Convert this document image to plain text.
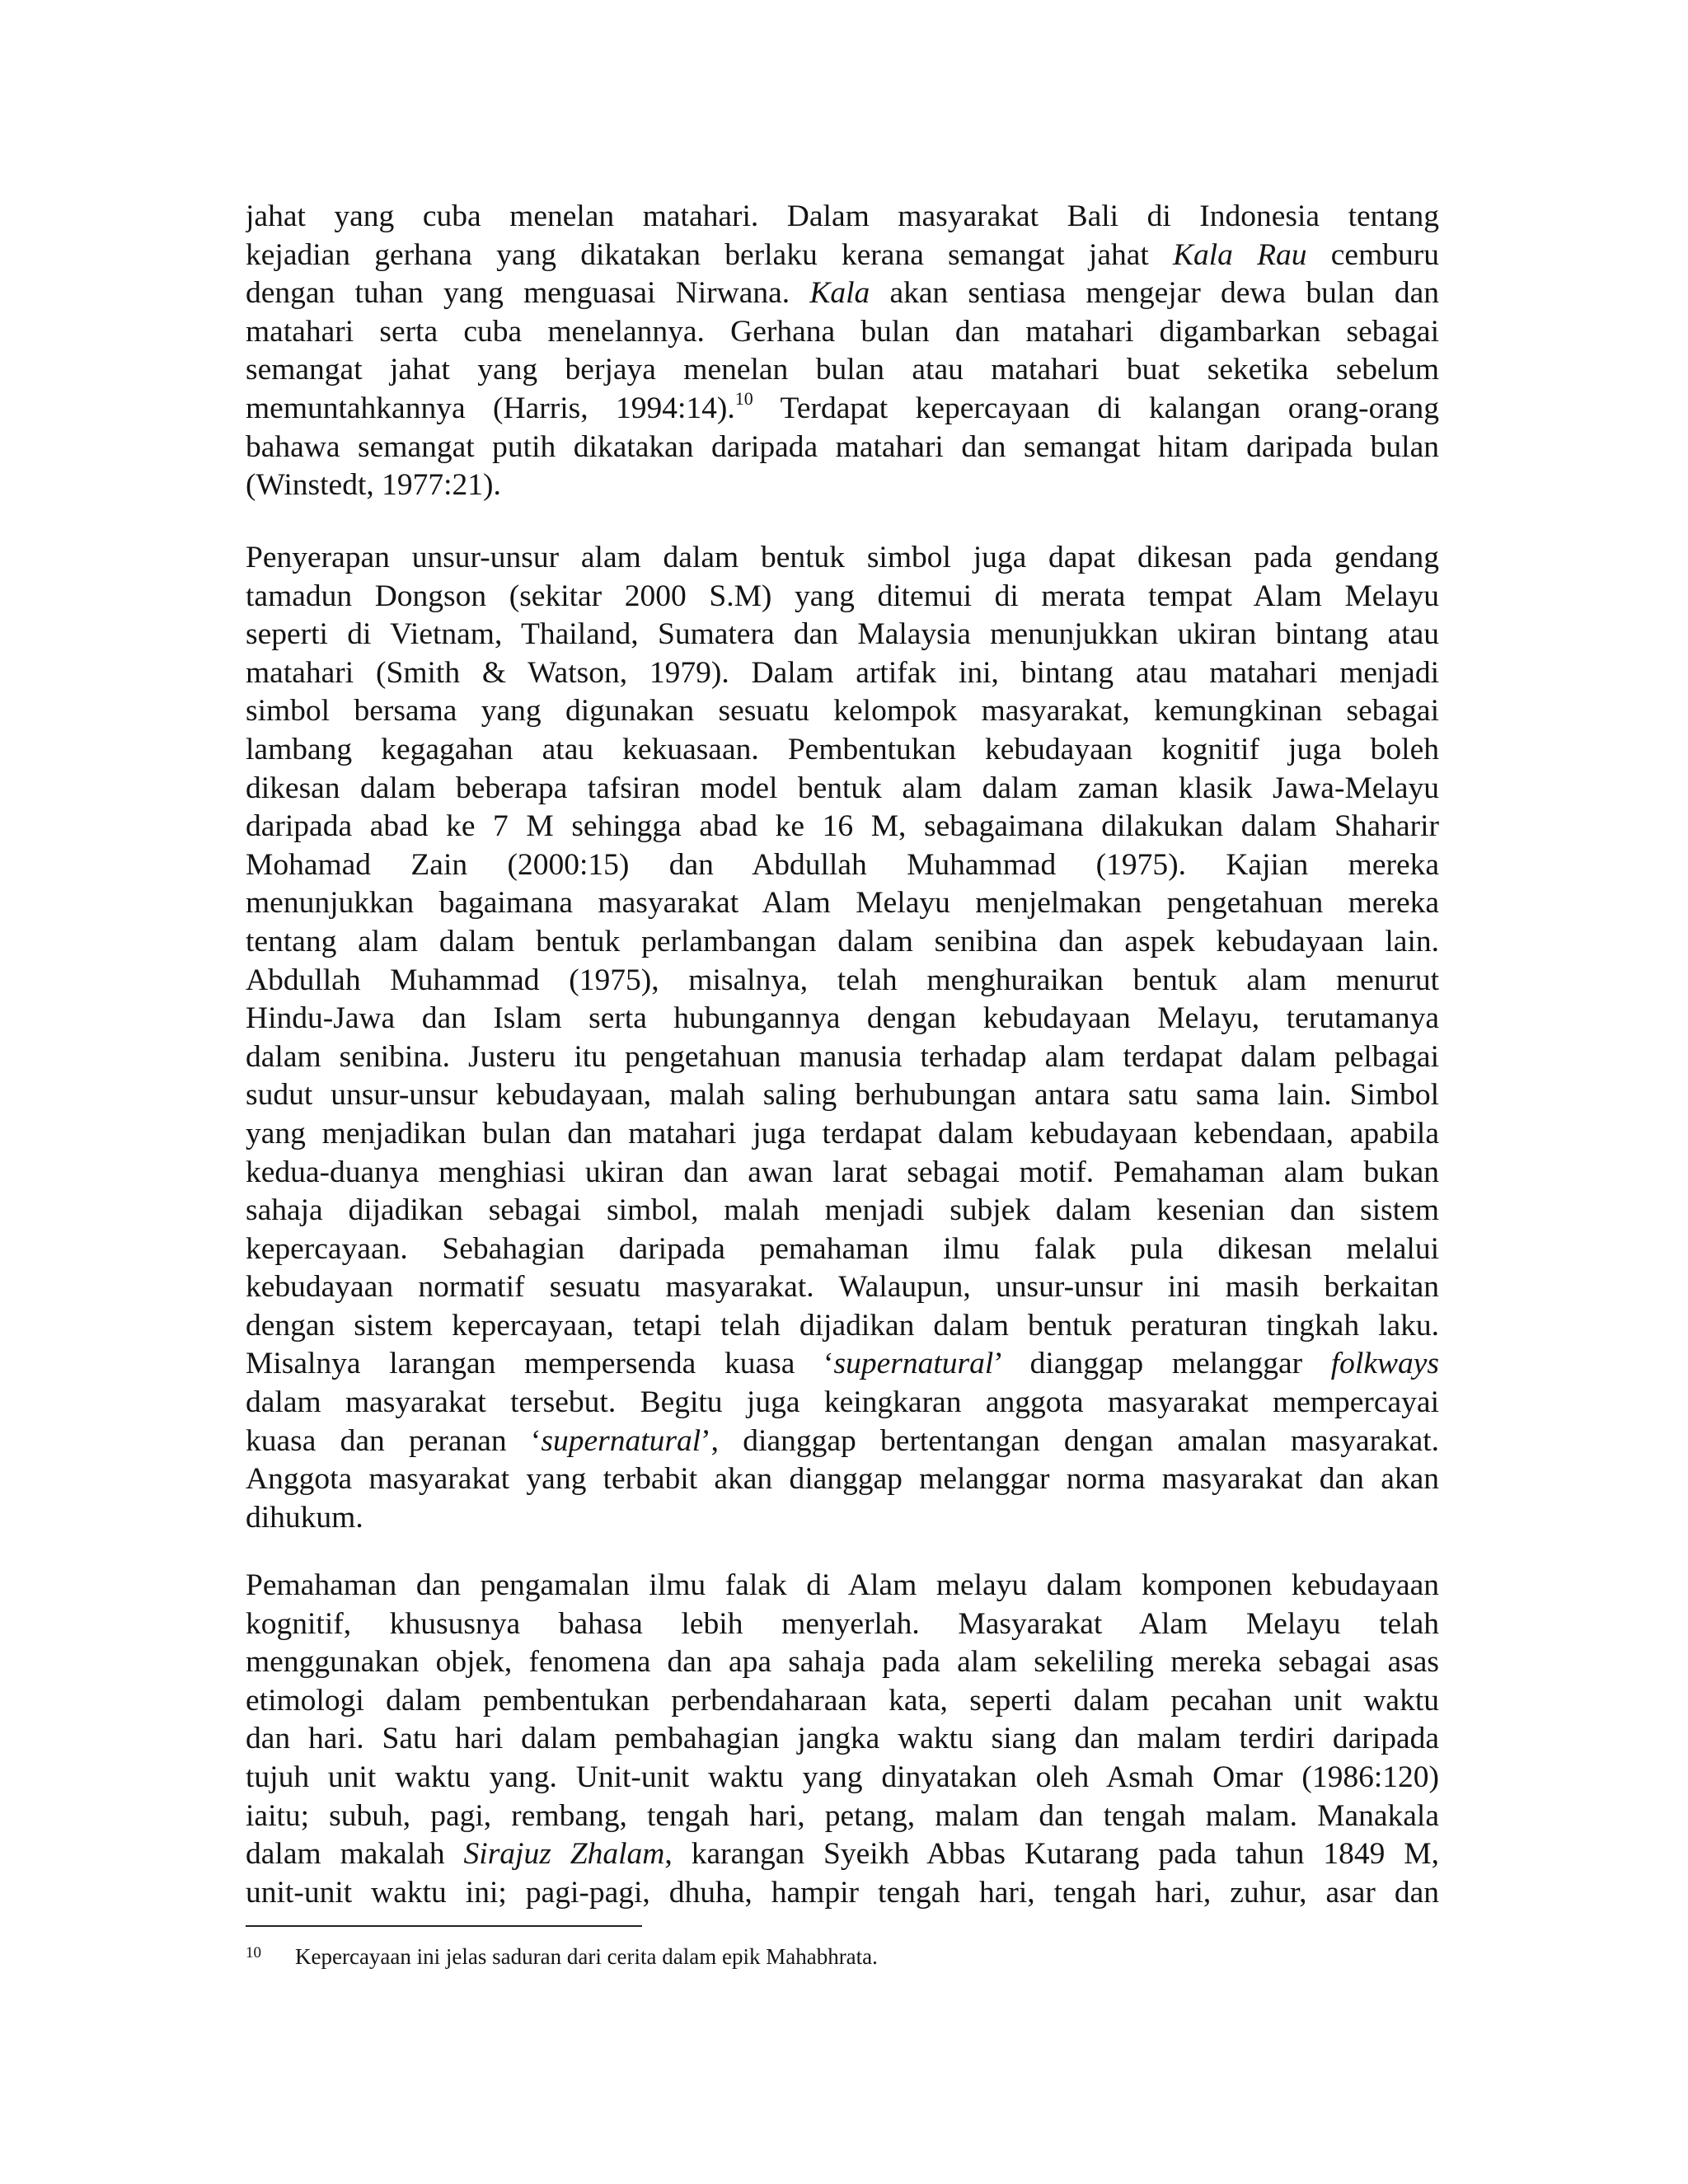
jahat yang cuba menelan matahari. Dalam masyarakat Bali di Indonesia tentang
kejadian gerhana yang dikatakan berlaku kerana semangat jahat Kala Rau cemburu
dengan tuhan yang menguasai Nirwana. Kala akan sentiasa mengejar dewa bulan dan
matahari serta cuba menelannya. Gerhana bulan dan matahari digambarkan sebagai
semangat jahat yang berjaya menelan bulan atau matahari buat seketika sebelum
memuntahkannya (Harris, 1994:14).$^{10}$ Terdapat kepercayaan di kalangan orang-orang
bahawa semangat putih dikatakan daripada matahari dan semangat hitam daripada bulan
(Winstedt, 1977:21).
Penyerapan unsur-unsur alam dalam bentuk simbol juga dapat dikesan pada gendang
tamadun Dongson (sekitar 2000 S.M) yang ditemui di merata tempat Alam Melayu
seperti di Vietnam, Thailand, Sumatera dan Malaysia menunjukkan ukiran bintang atau
matahari (Smith & Watson, 1979). Dalam artifak ini, bintang atau matahari menjadi
simbol bersama yang digunakan sesuatu kelompok masyarakat, kemungkinan sebagai
lambang kegagahan atau kekuasaan. Pembentukan kebudayaan kognitif juga boleh
dikesan dalam beberapa tafsiran model bentuk alam dalam zaman klasik Jawa-Melayu
daripada abad ke 7 M sehingga abad ke 16 M, sebagaimana dilakukan dalam Shaharir
Mohamad Zain (2000:15) dan Abdullah Muhammad (1975). Kajian mereka
menunjukkan bagaimana masyarakat Alam Melayu menjelmakan pengetahuan mereka
tentang alam dalam bentuk perlambangan dalam senibina dan aspek kebudayaan lain.
Abdullah Muhammad (1975), misalnya, telah menghuraikan bentuk alam menurut
Hindu-Jawa dan Islam serta hubungannya dengan kebudayaan Melayu, terutamanya
dalam senibina. Justeru itu pengetahuan manusia terhadap alam terdapat dalam pelbagai
sudut unsur-unsur kebudayaan, malah saling berhubungan antara satu sama lain. Simbol
yang menjadikan bulan dan matahari juga terdapat dalam kebudayaan kebendaan, apabila
kedua-duanya menghiasi ukiran dan awan larat sebagai motif. Pemahaman alam bukan
sahaja dijadikan sebagai simbol, malah menjadi subjek dalam kesenian dan sistem
kepercayaan. Sebahagian daripada pemahaman ilmu falak pula dikesan melalui
kebudayaan normatif sesuatu masyarakat. Walaupun, unsur-unsur ini masih berkaitan
dengan sistem kepercayaan, tetapi telah dijadikan dalam bentuk peraturan tingkah laku.
Misalnya larangan mempersenda kuasa ‘supernatural’ dianggap melanggar folkways
dalam masyarakat tersebut. Begitu juga keingkaran anggota masyarakat mempercayai
kuasa dan peranan ‘supernatural’, dianggap bertentangan dengan amalan masyarakat.
Anggota masyarakat yang terbabit akan dianggap melanggar norma masyarakat dan akan
dihukum.
Pemahaman dan pengamalan ilmu falak di Alam melayu dalam komponen kebudayaan
kognitif, khususnya bahasa lebih menyerlah. Masyarakat Alam Melayu telah
menggunakan objek, fenomena dan apa sahaja pada alam sekeliling mereka sebagai asas
etimologi dalam pembentukan perbendaharaan kata, seperti dalam pecahan unit waktu
dan hari. Satu hari dalam pembahagian jangka waktu siang dan malam terdiri daripada
tujuh unit waktu yang. Unit-unit waktu yang dinyatakan oleh Asmah Omar (1986:120)
iaitu; subuh, pagi, rembang, tengah hari, petang, malam dan tengah malam. Manakala
dalam makalah Sirajuz Zhalam, karangan Syeikh Abbas Kutarang pada tahun 1849 M,
unit-unit waktu ini; pagi-pagi, dhuha, hampir tengah hari, tengah hari, zuhur, asar dan
$^{10}$ Kepercayaan ini jelas saduran dari cerita dalam epik Mahabhrata.
